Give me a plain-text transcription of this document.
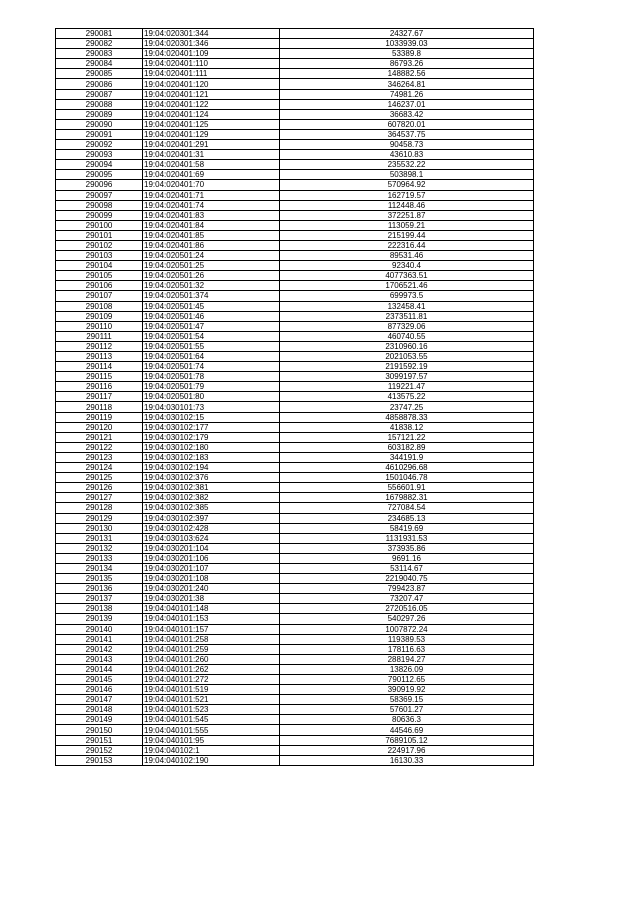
290081	19:04:020301:344	24327.67
290082	19:04:020301:346	1033939.03
290083	19:04:020401:109	53389.8
290084	19:04:020401:110	86793.26
290085	19:04:020401:111	148882.56
290086	19:04:020401:120	346264.81
290087	19:04:020401:121	74981.26
290088	19:04:020401:122	146237.01
290089	19:04:020401:124	36683.42
290090	19:04:020401:125	607820.01
290091	19:04:020401:129	364537.75
290092	19:04:020401:291	90458.73
290093	19:04:020401:31	43610.83
290094	19:04:020401:58	235532.22
290095	19:04:020401:69	503898.1
290096	19:04:020401:70	570964.92
290097	19:04:020401:71	162719.57
290098	19:04:020401:74	112448.46
290099	19:04:020401:83	372251.87
290100	19:04:020401:84	113059.21
290101	19:04:020401:85	215199.44
290102	19:04:020401:86	222316.44
290103	19:04:020501:24	89531.46
290104	19:04:020501:25	92340.4
290105	19:04:020501:26	4077363.51
290106	19:04:020501:32	1706521.46
290107	19:04:020501:374	699973.5
290108	19:04:020501:45	132458.41
290109	19:04:020501:46	2373511.81
290110	19:04:020501:47	877329.06
290111	19:04:020501:54	460740.55
290112	19:04:020501:55	2310960.16
290113	19:04:020501:64	2021053.55
290114	19:04:020501:74	2191592.19
290115	19:04:020501:78	3099197.57
290116	19:04:020501:79	119221.47
290117	19:04:020501:80	413575.22
290118	19:04:030101:73	23747.25
290119	19:04:030102:15	4858878.33
290120	19:04:030102:177	41838.12
290121	19:04:030102:179	157121.22
290122	19:04:030102:180	603182.89
290123	19:04:030102:183	344191.9
290124	19:04:030102:194	4610296.68
290125	19:04:030102:376	1501046.78
290126	19:04:030102:381	556601.91
290127	19:04:030102:382	1679882.31
290128	19:04:030102:385	727084.54
290129	19:04:030102:397	234685.13
290130	19:04:030102:428	58419.69
290131	19:04:030103:624	1131931.53
290132	19:04:030201:104	373935.86
290133	19:04:030201:106	9691.16
290134	19:04:030201:107	53114.67
290135	19:04:030201:108	2219040.75
290136	19:04:030201:240	799423.87
290137	19:04:030201:38	73207.47
290138	19:04:040101:148	2720516.05
290139	19:04:040101:153	540297.26
290140	19:04:040101:157	1007872.24
290141	19:04:040101:258	119389.53
290142	19:04:040101:259	178116.63
290143	19:04:040101:260	288194.27
290144	19:04:040101:262	13826.09
290145	19:04:040101:272	790112.65
290146	19:04:040101:519	390919.92
290147	19:04:040101:521	58369.15
290148	19:04:040101:523	57601.27
290149	19:04:040101:545	80636.3
290150	19:04:040101:555	44546.69
290151	19:04:040101:95	7689105.12
290152	19:04:040102:1	224917.96
290153	19:04:040102:190	16130.33
